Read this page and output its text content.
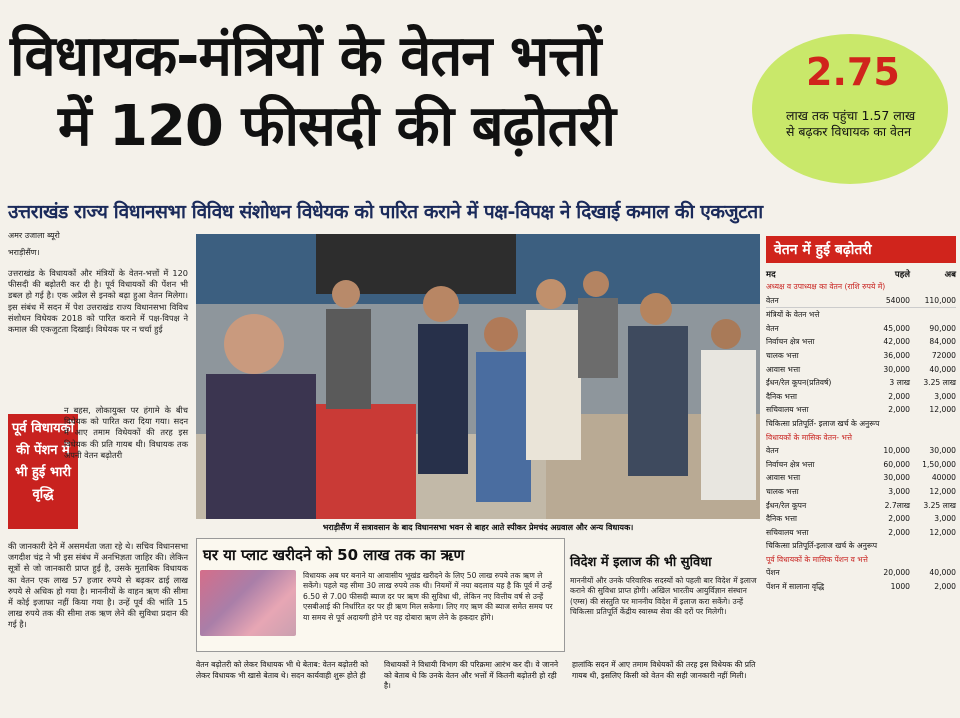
विधायक-मंत्रियों के वेतन भत्तों
में 120 फीसदी की बढ़ोतरी
2.75
लाख तक पहुंचा 1.57 लाख से बढ़कर विधायक का वेतन
उत्तराखंड राज्य विधानसभा विविध संशोधन विधेयक को पारित कराने में पक्ष-विपक्ष ने दिखाई कमाल की एकजुटता
अमर उजाला ब्यूरो
भराड़ीसैंण।
उत्तराखंड के विधायकों और मंत्रियों के वेतन-भत्तों में 120 फीसदी की बढ़ोतरी कर दी है। पूर्व विधायकों की पेंशन भी डबल हो गई है। एक अप्रैल से इनको बढ़ा हुआ वेतन मिलेगा। इस संबंध में सदन में पेश उत्तराखंड राज्य विधानसभा विविध संशोधन विधेयक 2018 को पारित कराने में पक्ष-विपक्ष ने कमाल की एकजुटता दिखाई। विधेयक पर न चर्चा हुई
पूर्व विधायकों की पेंशन में भी हुई भारी वृद्धि
न बहस, लोकायुक्त पर हंगामे के बीच विधेयक को पारित करा दिया गया। सदन में आए तमाम विधेयकों की तरह इस विधेयक की प्रति गायब थी। विधायक तक अपनी वेतन बढ़ोतरी
की जानकारी देने में असमर्थता जता रहे थे। सचिव विधानसभा जगदीश चंद्र ने भी इस संबंध में अनभिज्ञता जाहिर की। लेकिन सूत्रों से जो जानकारी प्राप्त हुई है, उसके मुताबिक विधायक का वेतन एक लाख 57 हजार रुपये से बढ़कर ढाई लाख रुपये से अधिक हो गया है। माननीयों के वाहन ऋण की सीमा में कोई इजाफा नहीं किया गया है। उन्हें पूर्व की भांति 15 लाख रुपये तक की सीमा तक ऋण लेने की सुविधा प्रदान की गई है।
भराड़ीसैंण में सत्रावसान के बाद विधानसभा भवन से बाहर आते स्पीकर प्रेमचंद अग्रवाल और अन्य विधायक।
घर या प्लाट खरीदने को 50 लाख तक का ऋण
विधायक अब घर बनाने या आवासीय भूखंड खरीदने के लिए 50 लाख रुपये तक ऋण ले सकेंगे। पहले यह सीमा 30 लाख रुपये तक थी। नियमों में नया बदलाव यह है कि पूर्व में उन्हें 6.50 से 7.00 फीसदी ब्याज दर पर ऋण की सुविधा थी, लेकिन नए वित्तीय वर्ष से उन्हें एसबीआई की निर्धारित दर पर ही ऋण मिल सकेगा। लिए गए ऋण की ब्याज समेत समय पर या समय से पूर्व अदायगी होने पर वह दोबारा ऋण लेने के हकदार होंगे।
विदेश में इलाज की भी सुविधा
माननीयों और उनके परिवारिक सदस्यों को पहली बार विदेश में इलाज कराने की सुविधा प्राप्त होगी। अखिल भारतीय आयुर्विज्ञान संस्थान (एम्स) की संस्तुति पर माननीय विदेश में इलाज करा सकेंगे। उन्हें चिकित्सा प्रतिपूर्ति केंद्रीय स्वास्थ्य सेवा की दरों पर मिलेगी।
वेतन बढ़ोतरी को लेकर विधायक भी थे बेताब: वेतन बढ़ोतरी को लेकर विधायक भी खासे बेताब थे। सदन कार्यवाही शुरू होते ही
विधायकों ने विधायी विभाग की परिक्रमा आरंभ कर दी। वे जानने को बेताब थे कि उनके वेतन और भत्तों में कितनी बढ़ोतरी हो रही है।
हालांकि सदन में आए तमाम विधेयकों की तरह इस विधेयक की प्रति गायब थी, इसलिए किसी को वेतन की सही जानकारी नहीं मिली।
वेतन में हुई बढ़ोतरी
मद	पहले	अब
अध्यक्ष व उपाध्यक्ष का वेतन (राशि रुपये में)
वेतन	54000	110,000
मंत्रियों के वेतन भत्ते
वेतन	45,000	90,000
निर्वाचन क्षेत्र भत्ता	42,000	84,000
चालक भत्ता	36,000	72000
आवास भत्ता	30,000	40,000
ईंधन/रेल कूपन(प्रतिवर्ष)	3 लाख	3.25 लाख
दैनिक भत्ता	2,000	3,000
सचिवालय भत्ता	2,000	12,000
चिकित्सा प्रतिपूर्ति- इलाज खर्च के अनुरूप
विधायकों के मासिक वेतन- भत्ते
वेतन	10,000	30,000
निर्वाचन क्षेत्र भत्ता	60,000	1,50,000
आवास भत्ता	30,000	40000
चालक भत्ता	3,000	12,000
ईंधन/रेल कूपन	2.7लाख	3.25 लाख
दैनिक भत्ता	2,000	3,000
सचिवालय भत्ता	2,000	12,000
चिकित्सा प्रतिपूर्ति-इलाज खर्च के अनुरूप
पूर्व विधायकों के मासिक पेंशन व भत्ते
पेंशन	20,000	40,000
पेंशन में सालाना वृद्धि	1000	2,000
